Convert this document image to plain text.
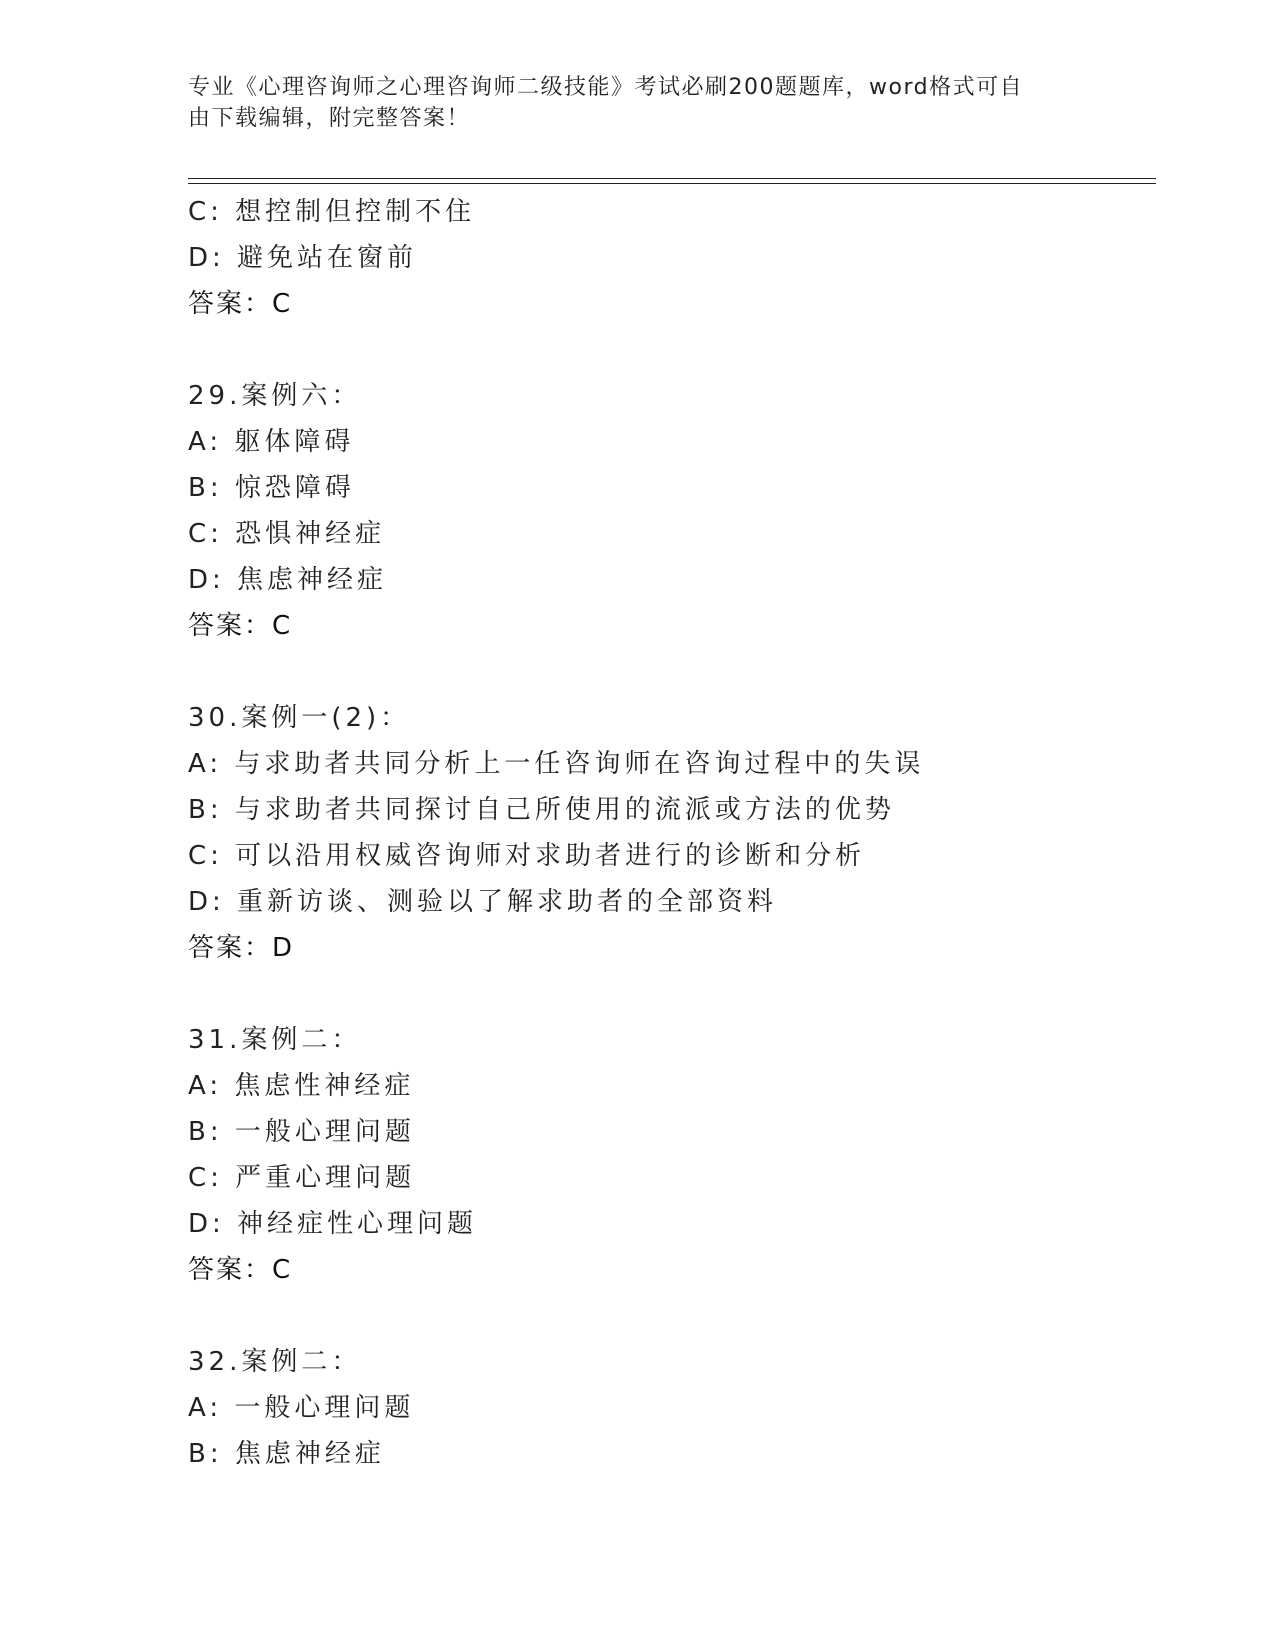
专业《心理咨询师之心理咨询师二级技能》考试必刷200题题库，word格式可自
由下载编辑，附完整答案！
C: 想控制但控制不住
D: 避免站在窗前
答案：C
29.案例六：
A: 躯体障碍
B: 惊恐障碍
C: 恐惧神经症
D: 焦虑神经症
答案：C
30.案例一(2)：
A: 与求助者共同分析上一任咨询师在咨询过程中的失误
B: 与求助者共同探讨自己所使用的流派或方法的优势
C: 可以沿用权威咨询师对求助者进行的诊断和分析
D: 重新访谈、测验以了解求助者的全部资料
答案：D
31.案例二：
A: 焦虑性神经症
B: 一般心理问题
C: 严重心理问题
D: 神经症性心理问题
答案：C
32.案例二：
A: 一般心理问题
B: 焦虑神经症
